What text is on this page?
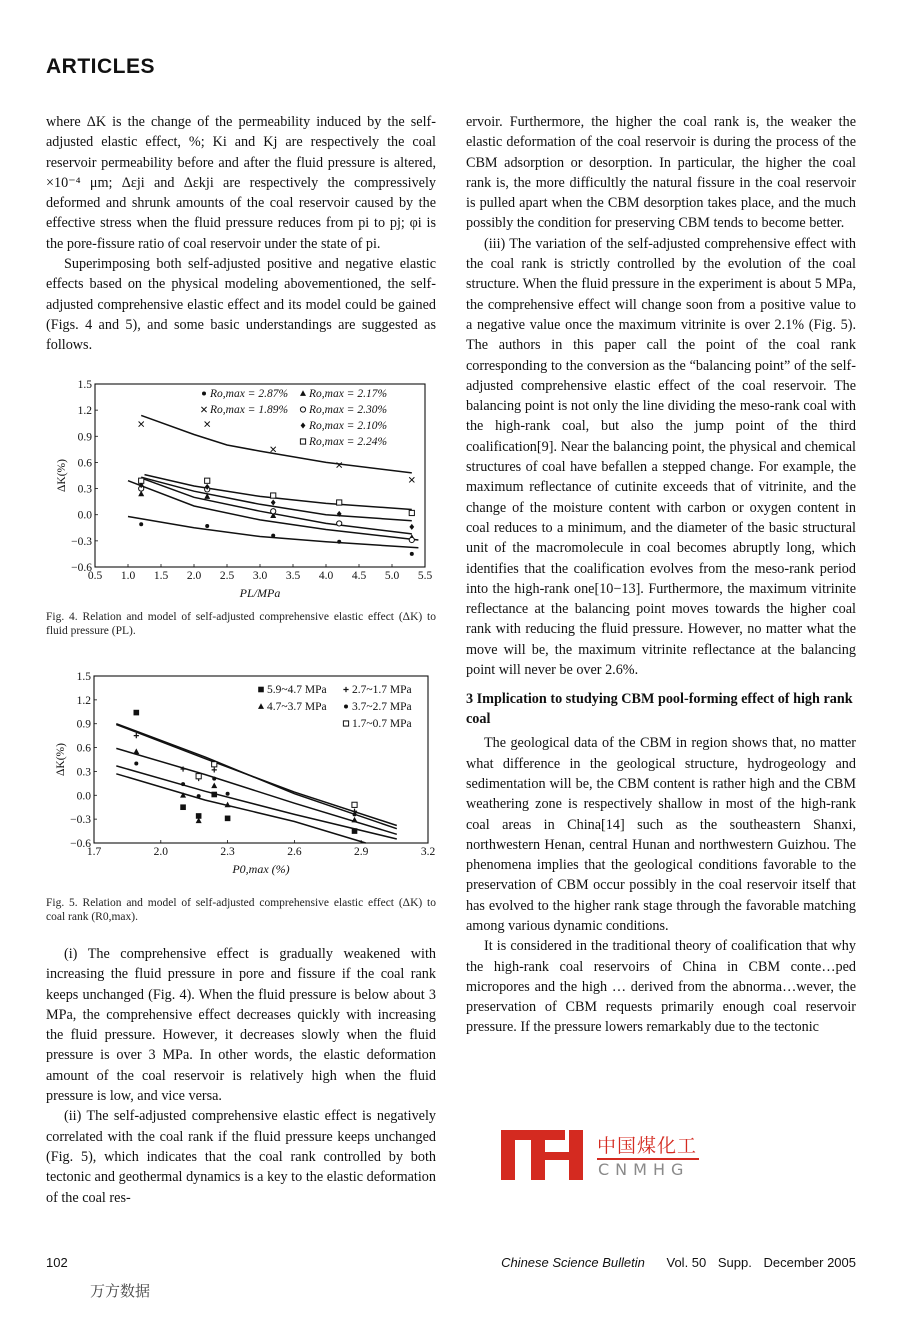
ARTICLES

where ΔK is the change of the permeability induced by the self-adjusted elastic effect, %; Ki and Kj are respectively the coal reservoir permeability before and after the fluid pressure is altered, ×10⁻⁴ μm; Δεji and Δεkji are respectively the compressively deformed and shrunk amounts of the coal reservoir caused by the effective stress when the fluid pressure reduces from pi to pj; φi is the pore-fissure ratio of coal reservoir under the state of pi.

Superimposing both self-adjusted positive and negative elastic effects based on the physical modeling abovementioned, the self-adjusted comprehensive elastic effect and its model could be gained (Figs. 4 and 5), and some basic understandings are suggested as follows.

−0.6
−0.3
0.0
0.3
0.6
0.9
1.2
1.5
0.5 1.0 1.5 2.0 2.5 3.0 3.5 4.0 4.5 5.0 5.5
ΔK(%)
PL/MPa
Ro,max = 2.87%
Ro,max = 1.89%
Ro,max = 2.17%
Ro,max = 2.30%
Ro,max = 2.10%
Ro,max = 2.24%
Fig. 4. Relation and model of self-adjusted comprehensive elastic effect (ΔK) to fluid pressure (PL).
−0.6
−0.3
0.0
0.3
0.6
0.9
1.2
1.5
1.7	2.0	2.3	2.6	2.9	3.2
ΔK(%)
P0,max (%)
5.9~4.7 MPa
4.7~3.7 MPa
2.7~1.7 MPa
3.7~2.7 MPa
1.7~0.7 MPa
Fig. 5. Relation and model of self-adjusted comprehensive elastic effect (ΔK) to coal rank (R0,max).

(i) The comprehensive effect is gradually weakened with increasing the fluid pressure in pore and fissure if the coal rank keeps unchanged (Fig. 4). When the fluid pressure is below about 3 MPa, the comprehensive effect decreases quickly with increasing the fluid pressure. However, it decreases slowly when the fluid pressure is over 3 MPa. In other words, the elastic deformation amount of the coal reservoir is relatively high when the fluid pressure is low, and vice versa.

(ii) The self-adjusted comprehensive elastic effect is negatively correlated with the coal rank if the fluid pressure keeps unchanged (Fig. 5), which indicates that the coal rank controlled by both tectonic and geothermal dynamics is a key to the elastic deformation of the coal res-

ervoir. Furthermore, the higher the coal rank is, the weaker the elastic deformation of the coal reservoir is during the process of the CBM adsorption or desorption. In particular, the higher the coal rank is, the more difficultly the natural fissure in the coal reservoir is pulled apart when the CBM desorption takes place, and the much possibly the condition for preserving CBM tends to become better.

(iii) The variation of the self-adjusted comprehensive effect with the coal rank is strictly controlled by the evolution of the coal structure. When the fluid pressure in the experiment is about 5 MPa, the comprehensive effect will change soon from a positive value to a negative value once the maximum vitrinite is over 2.1% (Fig. 5). The authors in this paper call the point of the coal rank corresponding to the conversion as the “balancing point” of the self-adjusted comprehensive elastic effect of the coal reservoir. The balancing point is not only the line dividing the meso-rank coal with the high-rank coal, but also the jump point of the third coalification[9]. Near the balancing point, the physical and chemical structures of coal have befallen a stepped change. For example, the maximum reflectance of cutinite exceeds that of vitrinite, and the change of the moisture content with carbon or oxygen content in coal reduces to a minimum, and the diameter of the basic structural unit of the macromolecule in coal becomes abruptly long, which identifies that the coalification evolves from the meso-rank period into the high-rank one[10−13]. Furthermore, the maximum vitrinite reflectance at the balancing point moves towards the higher coal rank with reducing the fluid pressure. However, no matter what the move will be, the maximum vitrinite reflectance at the balancing point will never be over 2.6%.

3 Implication to studying CBM pool-forming effect of high rank coal

The geological data of the CBM in region shows that, no matter what difference in the geological structure, hydrogeology and sedimentation will be, the CBM content is rather high and the CBM weathering zone is respectively shallow in most of the high-rank coal areas in China[14] such as the southeastern Shanxi, northwestern Henan, central Hunan and northwestern Guizhou. The phenomena implies that the geological conditions favorable to the preservation of CBM occur possibly in the coal reservoir itself that has evolved to the higher rank stage through the favorable matching among various dynamic conditions.

It is considered in the traditional theory of coalification that why the high-rank coal reservoirs of China in CBM conte…ped micropores and the high … derived from the abnorma…wever, the preservation of CBM requests primarily enough coal reservoir pressure. If the pressure lowers remarkably due to the tectonic

中国煤化工
CNMHG
102	Chinese Science Bulletin Vol. 50 Supp. December 2005
万方数据
